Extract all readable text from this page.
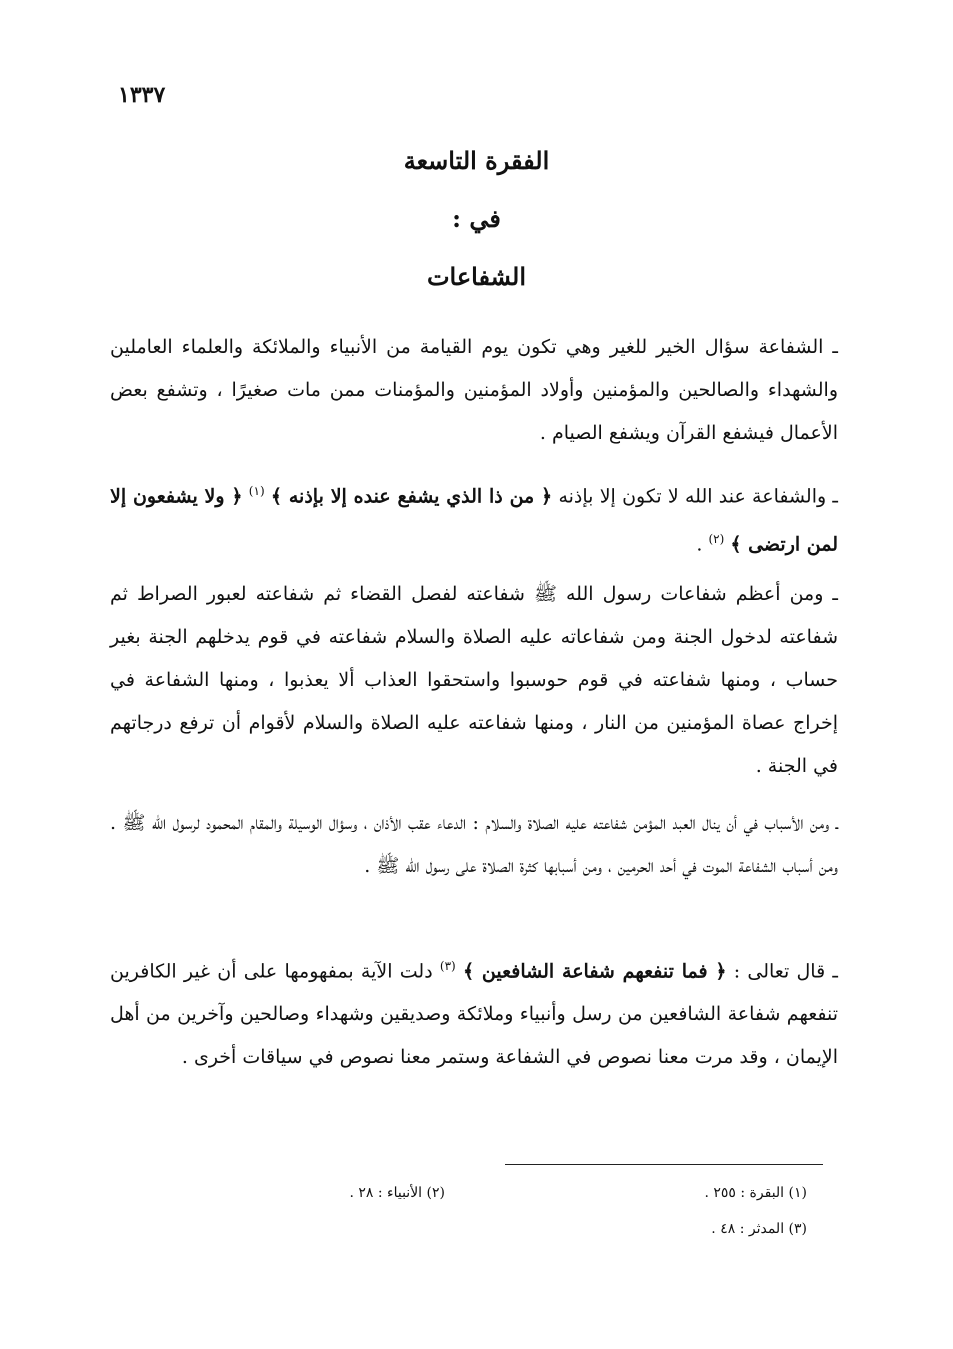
١٣٣٧
الفقرة التاسعة
في :
الشفاعات

ـ الشفاعة سؤال الخير للغير وهي تكون يوم القيامة من الأنبياء والملائكة والعلماء العاملين والشهداء والصالحين والمؤمنين وأولاد المؤمنين والمؤمنات ممن مات صغيرًا ، وتشفع بعض الأعمال فيشفع القرآن ويشفع الصيام .

ـ والشفاعة عند الله لا تكون إلا بإذنه ﴿ من ذا الذي يشفع عنده إلا بإذنه ﴾ $^{(١)}$ ﴿ ولا يشفعون إلا لمن ارتضى ﴾ $^{(٢)}$ .

ـ ومن أعظم شفاعات رسول الله ﷺ شفاعته لفصل القضاء ثم شفاعته لعبور الصراط ثم شفاعته لدخول الجنة ومن شفاعاته عليه الصلاة والسلام شفاعته في قوم يدخلهم الجنة بغير حساب ، ومنها شفاعته في قوم حوسبوا واستحقوا العذاب ألا يعذبوا ، ومنها الشفاعة في إخراج عصاة المؤمنين من النار ، ومنها شفاعته عليه الصلاة والسلام لأقوام أن ترفع درجاتهم في الجنة .

ـ ومن الأسباب في أن ينال العبد المؤمن شفاعته عليه الصلاة والسلام : الدعاء عقب الأذان ، وسؤال الوسيلة والمقام المحمود لرسول الله ﷺ . ومن أسباب الشفاعة الموت في أحد الحرمين ، ومن أسبابها كثرة الصلاة على رسول الله ﷺ .

ـ قال تعالى : ﴿ فما تنفعهم شفاعة الشافعين ﴾ $^{(٣)}$ دلت الآية بمفهومها على أن غير الكافرين تنفعهم شفاعة الشافعين من رسل وأنبياء وملائكة وصديقين وشهداء وصالحين وآخرين من أهل الإيمان ، وقد مرت معنا نصوص في الشفاعة وستمر معنا نصوص في سياقات أخرى .

(١) البقرة : ٢٥٥ .
(٢) الأنبياء : ٢٨ .
(٣) المدثر : ٤٨ .
